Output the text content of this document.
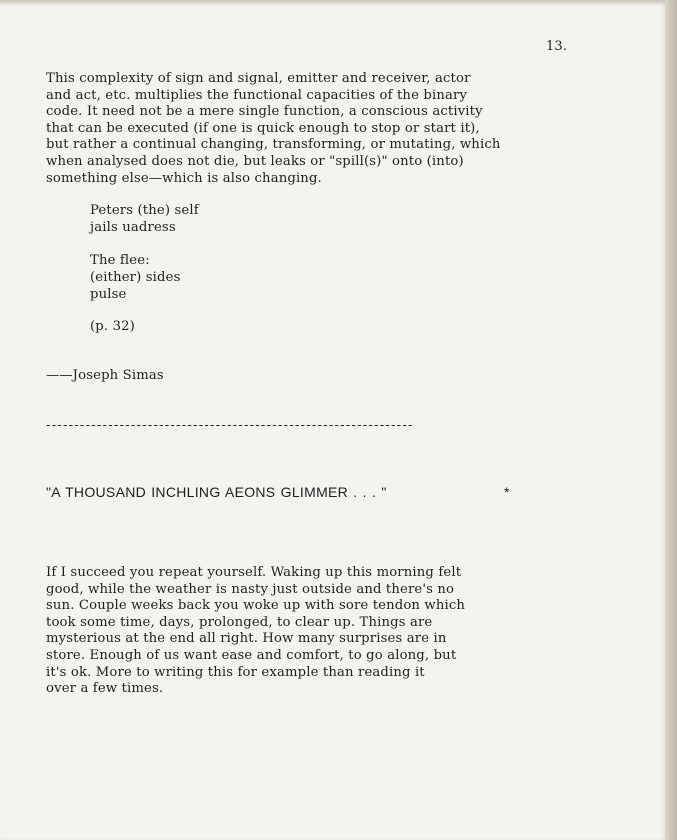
13.

This complexity of sign and signal, emitter and receiver, actor
and act, etc. multiplies the functional capacities of the binary
code. It need not be a mere single function, a conscious activity
that can be executed (if one is quick enough to stop or start it),
but rather a continual changing, transforming, or mutating, which
when analysed does not die, but leaks or "spill(s)" onto (into)
something else—which is also changing.

Peters (the) self
jails uadress
The flee:
(either) sides
pulse
(p. 32)
——Joseph Simas
-----------------------------------------------------------------
"A THOUSAND INCHLING AEONS GLIMMER . . . "	*

If I succeed you repeat yourself. Waking up this morning felt
good, while the weather is nasty just outside and there's no
sun. Couple weeks back you woke up with sore tendon which
took some time, days, prolonged, to clear up. Things are
mysterious at the end all right. How many surprises are in
store. Enough of us want ease and comfort, to go along, but
it's ok. More to writing this for example than reading it
over a few times.
